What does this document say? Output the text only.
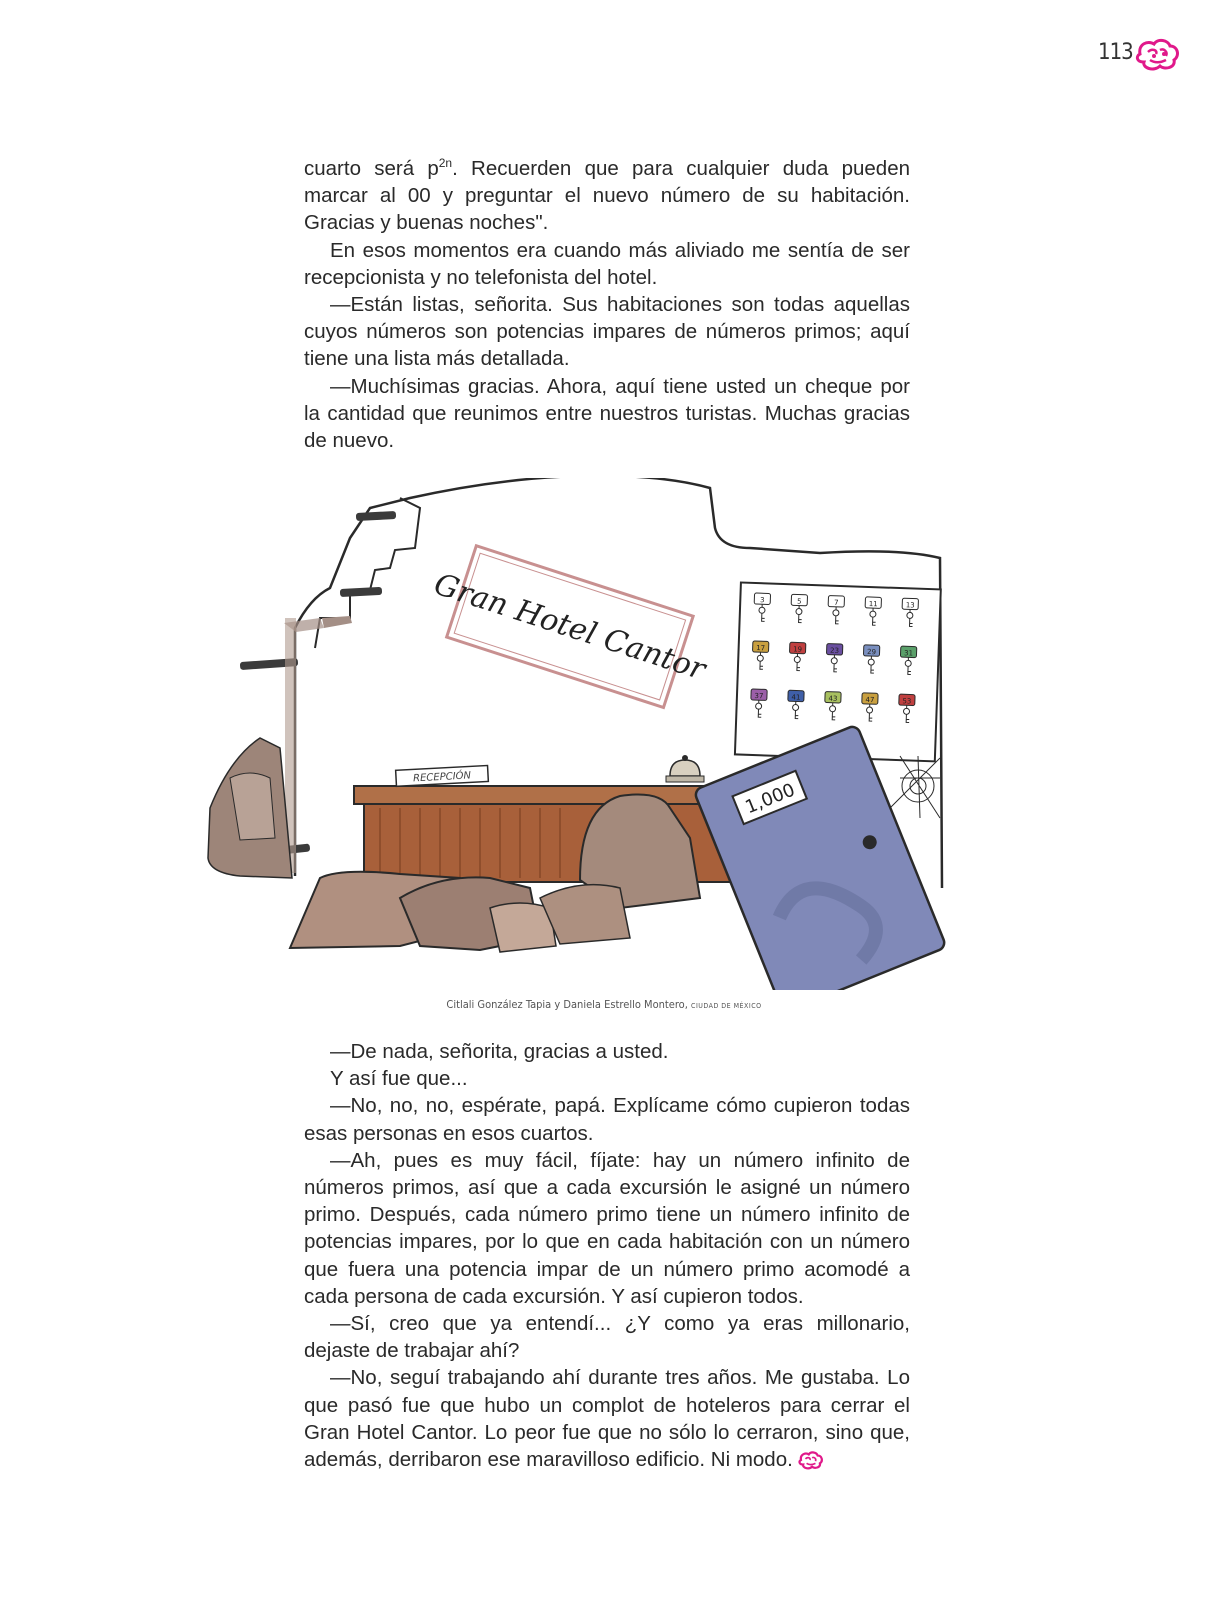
113

cuarto será $p^{2n}$. Recuerden que para cualquier duda pueden marcar al 00 y preguntar el nuevo número de su habitación. Gracias y buenas noches".

En esos momentos era cuando más aliviado me sentía de ser recepcionista y no telefonista del hotel.

—Están listas, señorita. Sus habitaciones son todas aquellas cuyos números son potencias impares de números primos; aquí tiene una lista más detallada.

—Muchísimas gracias. Ahora, aquí tiene usted un cheque por la cantidad que reunimos entre nuestros turistas. Muchas gracias de nuevo.

Gran Hotel Cantor	3	5	7	11	13
17	19	23	29	31
37	41	43	47	53
RECEPCIÓN
1,000
Citlali González Tapia y Daniela Estrello Montero, CIUDAD DE MÉXICO

—De nada, señorita, gracias a usted.

Y así fue que...

—No, no, no, espérate, papá. Explícame cómo cupieron todas esas personas en esos cuartos.

—Ah, pues es muy fácil, fíjate: hay un número infinito de números primos, así que a cada excursión le asigné un número primo. Después, cada número primo tiene un número infinito de potencias impares, por lo que en cada habitación con un número que fuera una potencia impar de un número primo acomodé a cada persona de cada excursión. Y así cupieron todos.

—Sí, creo que ya entendí... ¿Y como ya eras millonario, dejaste de trabajar ahí?

—No, seguí trabajando ahí durante tres años. Me gustaba. Lo que pasó fue que hubo un complot de hoteleros para cerrar el Gran Hotel Cantor. Lo peor fue que no sólo lo cerraron, sino que, además, derribaron ese maravilloso edificio. Ni modo.
